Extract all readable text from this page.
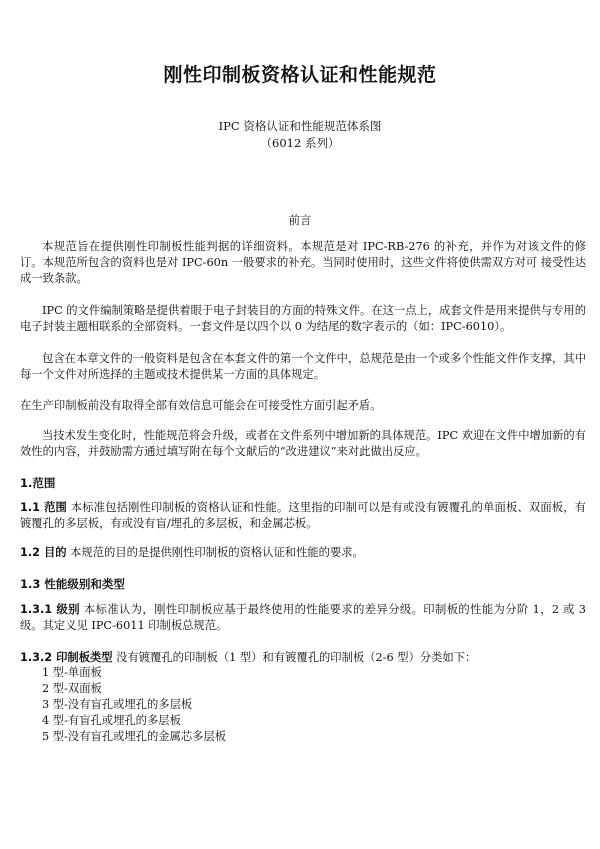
刚性印制板资格认证和性能规范
IPC 资格认证和性能规范体系图
（6012 系列）
前言

本规范旨在提供刚性印制板性能判据的详细资料。本规范是对 IPC-RB-276 的补充，并作为对该文件的修订。本规范所包含的资料也是对 IPC-60n 一般要求的补充。当同时使用时，这些文件将使供需双方对可 接受性达成一致条款。

IPC 的文件编制策略是提供着眼于电子封装目的方面的特殊文件。在这一点上，成套文件是用来提供与专用的电子封装主题相联系的全部资料。一套文件是以四个以 0 为结尾的数字表示的（如：IPC-6010）。

包含在本章文件的一般资料是包含在本套文件的第一个文件中，总规范是由一个或多个性能文件作支撑，其中每一个文件对所选择的主题或技术提供某一方面的具体规定。

在生产印制板前没有取得全部有效信息可能会在可接受性方面引起矛盾。

当技术发生变化时，性能规范将会升级，或者在文件系列中增加新的具体规范。IPC 欢迎在文件中增加新的有效性的内容，并鼓励需方通过填写附在每个文献后的“改进建议”来对此做出反应。

1.范围

1.1 范围 本标准包括刚性印制板的资格认证和性能。这里指的印制可以是有或没有镀覆孔的单面板、双面板，有镀覆孔的多层板，有或没有盲/埋孔的多层板，和金属芯板。

1.2 目的 本规范的目的是提供刚性印制板的资格认证和性能的要求。

1.3 性能级别和类型

1.3.1 级别 本标准认为，刚性印制板应基于最终使用的性能要求的差异分级。印制板的性能为分阶 1，2 或 3 级。其定义见 IPC-6011 印制板总规范。

1.3.2 印制板类型 没有镀覆孔的印制板（1 型）和有镀覆孔的印制板（2-6 型）分类如下：

1 型-单面板
2 型-双面板
3 型-没有盲孔或埋孔的多层板
4 型-有盲孔或埋孔的多层板
5 型-没有盲孔或埋孔的金属芯多层板
